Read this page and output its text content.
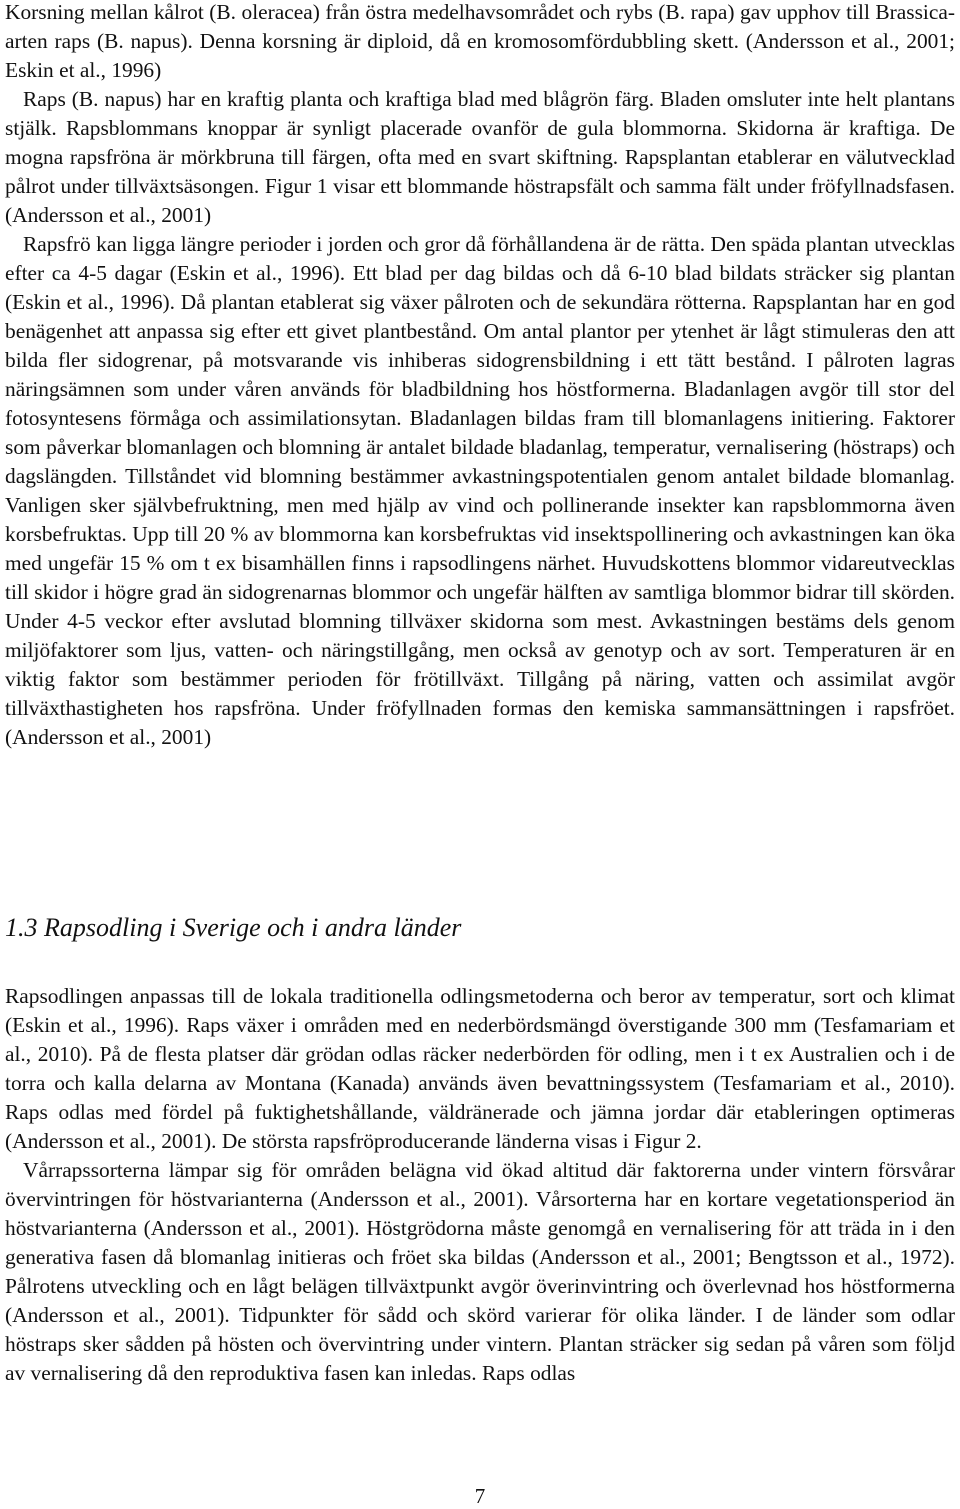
Korsning mellan kålrot (B. oleracea) från östra medelhavsområdet och rybs (B. rapa) gav upphov till Brassica-arten raps (B. napus). Denna korsning är diploid, då en kromosomfördubbling skett. (Andersson et al., 2001; Eskin et al., 1996)

Raps (B. napus) har en kraftig planta och kraftiga blad med blågrön färg. Bladen omsluter inte helt plantans stjälk. Rapsblommans knoppar är synligt placerade ovanför de gula blommorna. Skidorna är kraftiga. De mogna rapsfröna är mörkbruna till färgen, ofta med en svart skiftning. Rapsplantan etablerar en välutvecklad pålrot under tillväxtsäsongen. Figur 1 visar ett blommande höstrapsfält och samma fält under fröfyllnadsfasen. (Andersson et al., 2001)

Rapsfrö kan ligga längre perioder i jorden och gror då förhållandena är de rätta. Den späda plantan utvecklas efter ca 4-5 dagar (Eskin et al., 1996). Ett blad per dag bildas och då 6-10 blad bildats sträcker sig plantan (Eskin et al., 1996). Då plantan etablerat sig växer pålroten och de sekundära rötterna. Rapsplantan har en god benägenhet att anpassa sig efter ett givet plantbestånd. Om antal plantor per ytenhet är lågt stimuleras den att bilda fler sidogrenar, på motsvarande vis inhiberas sidogrensbildning i ett tätt bestånd. I pålroten lagras näringsämnen som under våren används för bladbildning hos höstformerna. Bladanlagen avgör till stor del fotosyntesens förmåga och assimilationsytan. Bladanlagen bildas fram till blomanlagens initiering. Faktorer som påverkar blomanlagen och blomning är antalet bildade bladanlag, temperatur, vernalisering (höstraps) och dagslängden. Tillståndet vid blomning bestämmer avkastningspotentialen genom antalet bildade blomanlag. Vanligen sker självbefruktning, men med hjälp av vind och pollinerande insekter kan rapsblommorna även korsbefruktas. Upp till 20 % av blommorna kan korsbefruktas vid insektspollinering och avkastningen kan öka med ungefär 15 % om t ex bisamhällen finns i rapsodlingens närhet. Huvudskottens blommor vidareutvecklas till skidor i högre grad än sidogrenarnas blommor och ungefär hälften av samtliga blommor bidrar till skörden. Under 4-5 veckor efter avslutad blomning tillväxer skidorna som mest. Avkastningen bestäms dels genom miljöfaktorer som ljus, vatten- och näringstillgång, men också av genotyp och av sort. Temperaturen är en viktig faktor som bestämmer perioden för frötillväxt. Tillgång på näring, vatten och assimilat avgör tillväxthastigheten hos rapsfröna. Under fröfyllnaden formas den kemiska sammansättningen i rapsfröet. (Andersson et al., 2001)

1.3 Rapsodling i Sverige och i andra länder

Rapsodlingen anpassas till de lokala traditionella odlingsmetoderna och beror av temperatur, sort och klimat (Eskin et al., 1996). Raps växer i områden med en nederbördsmängd överstigande 300 mm (Tesfamariam et al., 2010). På de flesta platser där grödan odlas räcker nederbörden för odling, men i t ex Australien och i de torra och kalla delarna av Montana (Kanada) används även bevattningssystem (Tesfamariam et al., 2010). Raps odlas med fördel på fuktighetshållande, väldränerade och jämna jordar där etableringen optimeras (Andersson et al., 2001). De största rapsfröproducerande länderna visas i Figur 2.

Vårrapssorterna lämpar sig för områden belägna vid ökad altitud där faktorerna under vintern försvårar övervintringen för höstvarianterna (Andersson et al., 2001). Vårsorterna har en kortare vegetationsperiod än höstvarianterna (Andersson et al., 2001). Höstgrödorna måste genomgå en vernalisering för att träda in i den generativa fasen då blomanlag initieras och fröet ska bildas (Andersson et al., 2001; Bengtsson et al., 1972). Pålrotens utveckling och en lågt belägen tillväxtpunkt avgör överinvintring och överlevnad hos höstformerna (Andersson et al., 2001). Tidpunkter för sådd och skörd varierar för olika länder. I de länder som odlar höstraps sker sådden på hösten och övervintring under vintern. Plantan sträcker sig sedan på våren som följd av vernalisering då den reproduktiva fasen kan inledas. Raps odlas

7
